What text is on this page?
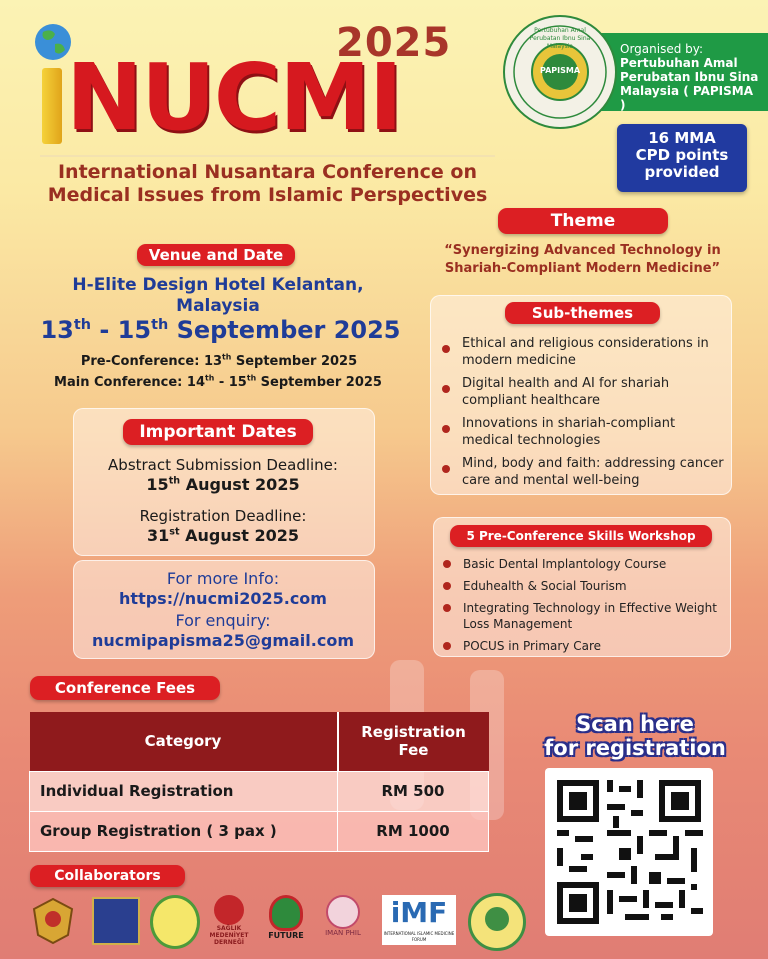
2025
NUCMI
International Nusantara Conference on Medical Issues from Islamic Perspectives
Organised by:
Pertubuhan Amal Perubatan Ibnu Sina Malaysia ( PAPISMA )
PAPISMA
Pertubuhan Amal Perubatan Ibnu Sina Malaysia
16 MMA CPD points provided
Venue and Date
H-Elite Design Hotel Kelantan, Malaysia
13th - 15th September 2025
Pre-Conference: 13th September 2025
Main Conference: 14th - 15th September 2025
Theme
“Synergizing Advanced Technology in Shariah-Compliant Modern Medicine”
Sub-themes
Ethical and religious considerations in modern medicine
Digital health and AI for shariah compliant healthcare
Innovations in shariah-compliant medical technologies
Mind, body and faith: addressing cancer care and mental well-being
Important Dates
Abstract Submission Deadline:
15th August 2025
Registration Deadline:
31st August 2025
For more Info:
https://nucmi2025.com
For enquiry:
nucmipapisma25@gmail.com
5 Pre-Conference Skills Workshop
Basic Dental Implantology Course
Eduhealth & Social Tourism
Integrating Technology in Effective Weight Loss Management
POCUS in Primary Care
Conference Fees
Category	Registration Fee
Individual Registration	RM 500
Group Registration ( 3 pax )	RM 1000
Scan here
for registration
Collaborators
SAĞLIK MEDENİYET DERNEĞİ
FUTURE	IMAN PHIL
iMF
INTERNATIONAL ISLAMIC MEDICINE FORUM
